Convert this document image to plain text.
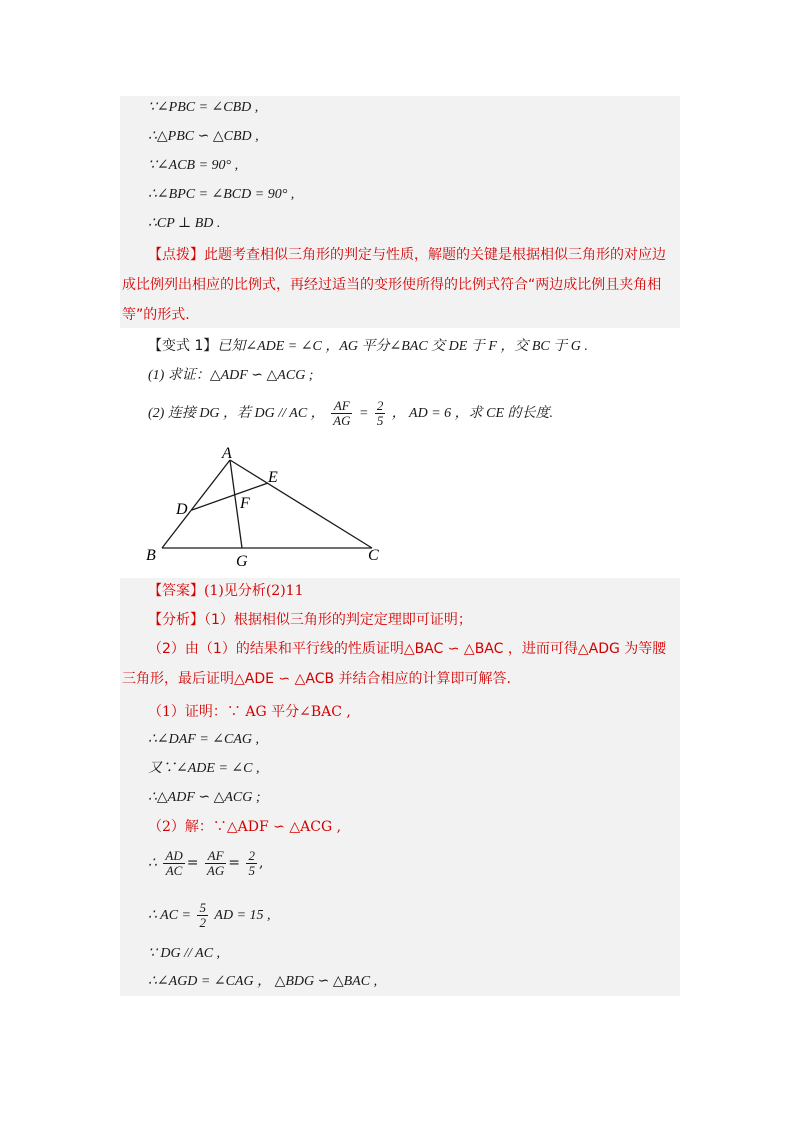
∵∠PBC = ∠CBD ,
∴△PBC ∽ △CBD ,
∵∠ACB = 90° ,
∴∠BPC = ∠BCD = 90° ,
∴CP ⊥ BD .
【点拨】此题考查相似三角形的判定与性质，解题的关键是根据相似三角形的对应边成比例列出相应的比例式，再经过适当的变形使所得的比例式符合“两边成比例且夹角相等”的形式.
【变式 1】已知∠ADE = ∠C ，AG 平分∠BAC 交 DE 于 F ，交 BC 于 G .
(1) 求证：△ADF ∽ △ACG ;
(2) 连接 DG ，若 DG // AC ， $\frac{AF}{AG} = \frac{2}{5}$ ， AD = 6 ，求 CE 的长度.
A
B	C
D
E
F
G
【答案】(1)见分析(2)11
【分析】（1）根据相似三角形的判定定理即可证明；
（2）由（1）的结果和平行线的性质证明△BAC ∽ △BAC ，进而可得△ADG 为等腰三角形，最后证明△ADE ∽ △ACB 并结合相应的计算即可解答.
（1）证明：∵ AG 平分∠BAC ,
∴∠DAF = ∠CAG ,
又∵∠ADE = ∠C ,
∴△ADF ∽ △ACG ;
（2）解：∵△ADF ∽ △ACG ,
∴ $\frac{AD}{AC} = \frac{AF}{AG} = \frac{2}{5}$ ,
∴ AC = $\frac{5}{2}$ AD = 15 ,
∵ DG // AC ,
∴∠AGD = ∠CAG ， △BDG ∽ △BAC ,
